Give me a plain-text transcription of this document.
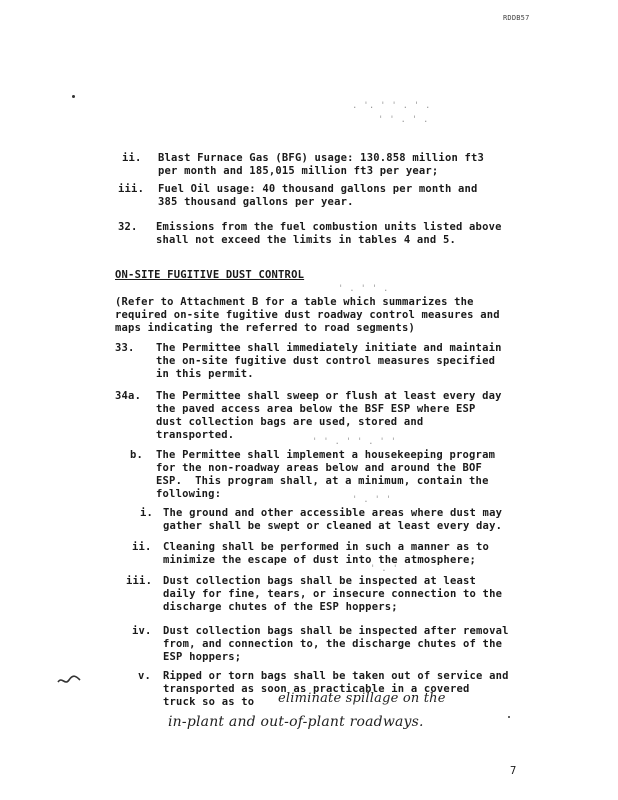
RDDB57
. '. ' ' . ' .
' ' . ' .
ii. Blast Furnace Gas (BFG) usage: 130.858 million ft3
per month and 185,015 million ft3 per year;
iii. Fuel Oil usage: 40 thousand gallons per month and
385 thousand gallons per year.
32. Emissions from the fuel combustion units listed above
shall not exceed the limits in tables 4 and 5.
ON-SITE FUGITIVE DUST CONTROL
' . ' ' .
(Refer to Attachment B for a table which summarizes the
required on-site fugitive dust roadway control measures and
maps indicating the referred to road segments)
33. The Permittee shall immediately initiate and maintain
the on-site fugitive dust control measures specified
in this permit.
34a. The Permittee shall sweep or flush at least every day
the paved access area below the BSF ESP where ESP
dust collection bags are used, stored and
transported.
' ' . ' ' . ' '
b. The Permittee shall implement a housekeeping program
for the non-roadway areas below and around the BOF
ESP.  This program shall, at a minimum, contain the
following:	' . ' '
i. The ground and other accessible areas where dust may
gather shall be swept or cleaned at least every day.
ii. Cleaning shall be performed in such a manner as to
minimize the escape of dust into the atmosphere;
' . '
iii. Dust collection bags shall be inspected at least
daily for fine, tears, or insecure connection to the
discharge chutes of the ESP hoppers;
iv. Dust collection bags shall be inspected after removal
from, and connection to, the discharge chutes of the
ESP hoppers;
v. Ripped or torn bags shall be taken out of service and
transported as soon as practicable in a covered
truck so as to eliminate spillage on the
in-plant and out-of-plant roadways.
7
